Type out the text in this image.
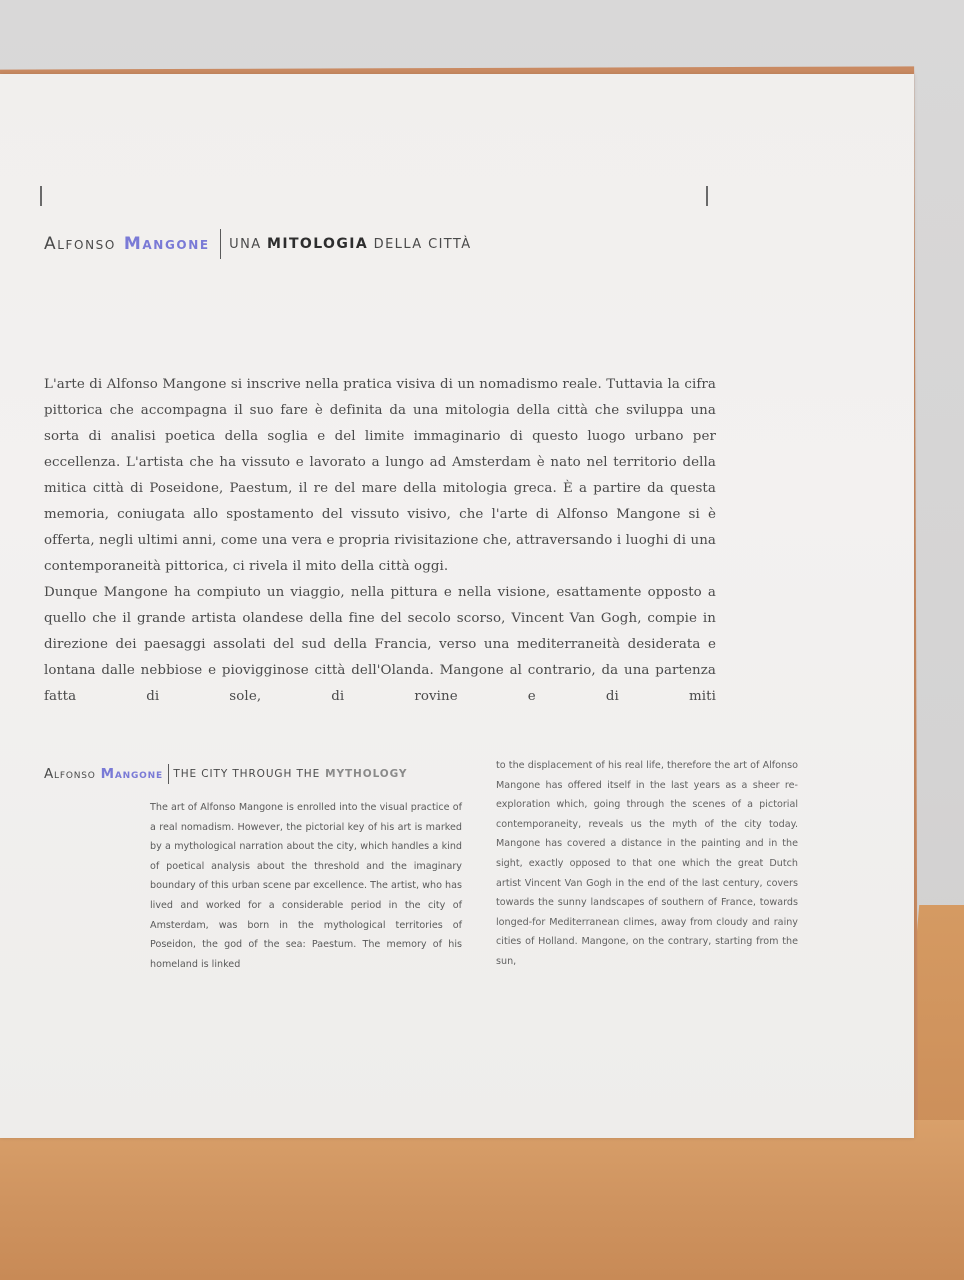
Alfonso Mangone UNA MITOLOGIA DELLA CITTÀ

L'arte di Alfonso Mangone si inscrive nella pratica visiva di un nomadismo reale. Tuttavia la cifra pittorica che accompagna il suo fare è definita da una mitologia della città che sviluppa una sorta di analisi poetica della soglia e del limite immaginario di questo luogo urbano per eccellenza. L'artista che ha vissuto e lavorato a lungo ad Amsterdam è nato nel territorio della mitica città di Poseidone, Paestum, il re del mare della mitologia greca. È a partire da questa memoria, coniugata allo spostamento del vissuto visivo, che l'arte di Alfonso Mangone si è offerta, negli ultimi anni, come una vera e propria rivisitazione che, attraversando i luoghi di una contemporaneità pittorica, ci rivela il mito della città oggi.

Dunque Mangone ha compiuto un viaggio, nella pittura e nella visione, esattamente opposto a quello che il grande artista olandese della fine del secolo scorso, Vincent Van Gogh, compie in direzione dei paesaggi assolati del sud della Francia, verso una mediterraneità desiderata e lontana dalle nebbiose e piovigginose città dell'Olanda. Mangone al contrario, da una partenza fatta di sole, di rovine e di miti

Alfonso Mangone THE CITY THROUGH THE MYTHOLOGY

The art of Alfonso Mangone is enrolled into the visual practice of a real nomadism. However, the pictorial key of his art is marked by a mythological narration about the city, which handles a kind of poetical analysis about the threshold and the imaginary boundary of this urban scene par excellence. The artist, who has lived and worked for a considerable period in the city of Amsterdam, was born in the mythological territories of Poseidon, the god of the sea: Paestum. The memory of his homeland is linked

to the displacement of his real life, therefore the art of Alfonso Mangone has offered itself in the last years as a sheer re-exploration which, going through the scenes of a pictorial contemporaneity, reveals us the myth of the city today. Mangone has covered a distance in the painting and in the sight, exactly opposed to that one which the great Dutch artist Vincent Van Gogh in the end of the last century, covers towards the sunny landscapes of southern of France, towards longed-for Mediterranean climes, away from cloudy and rainy cities of Holland. Mangone, on the contrary, starting from the sun,
